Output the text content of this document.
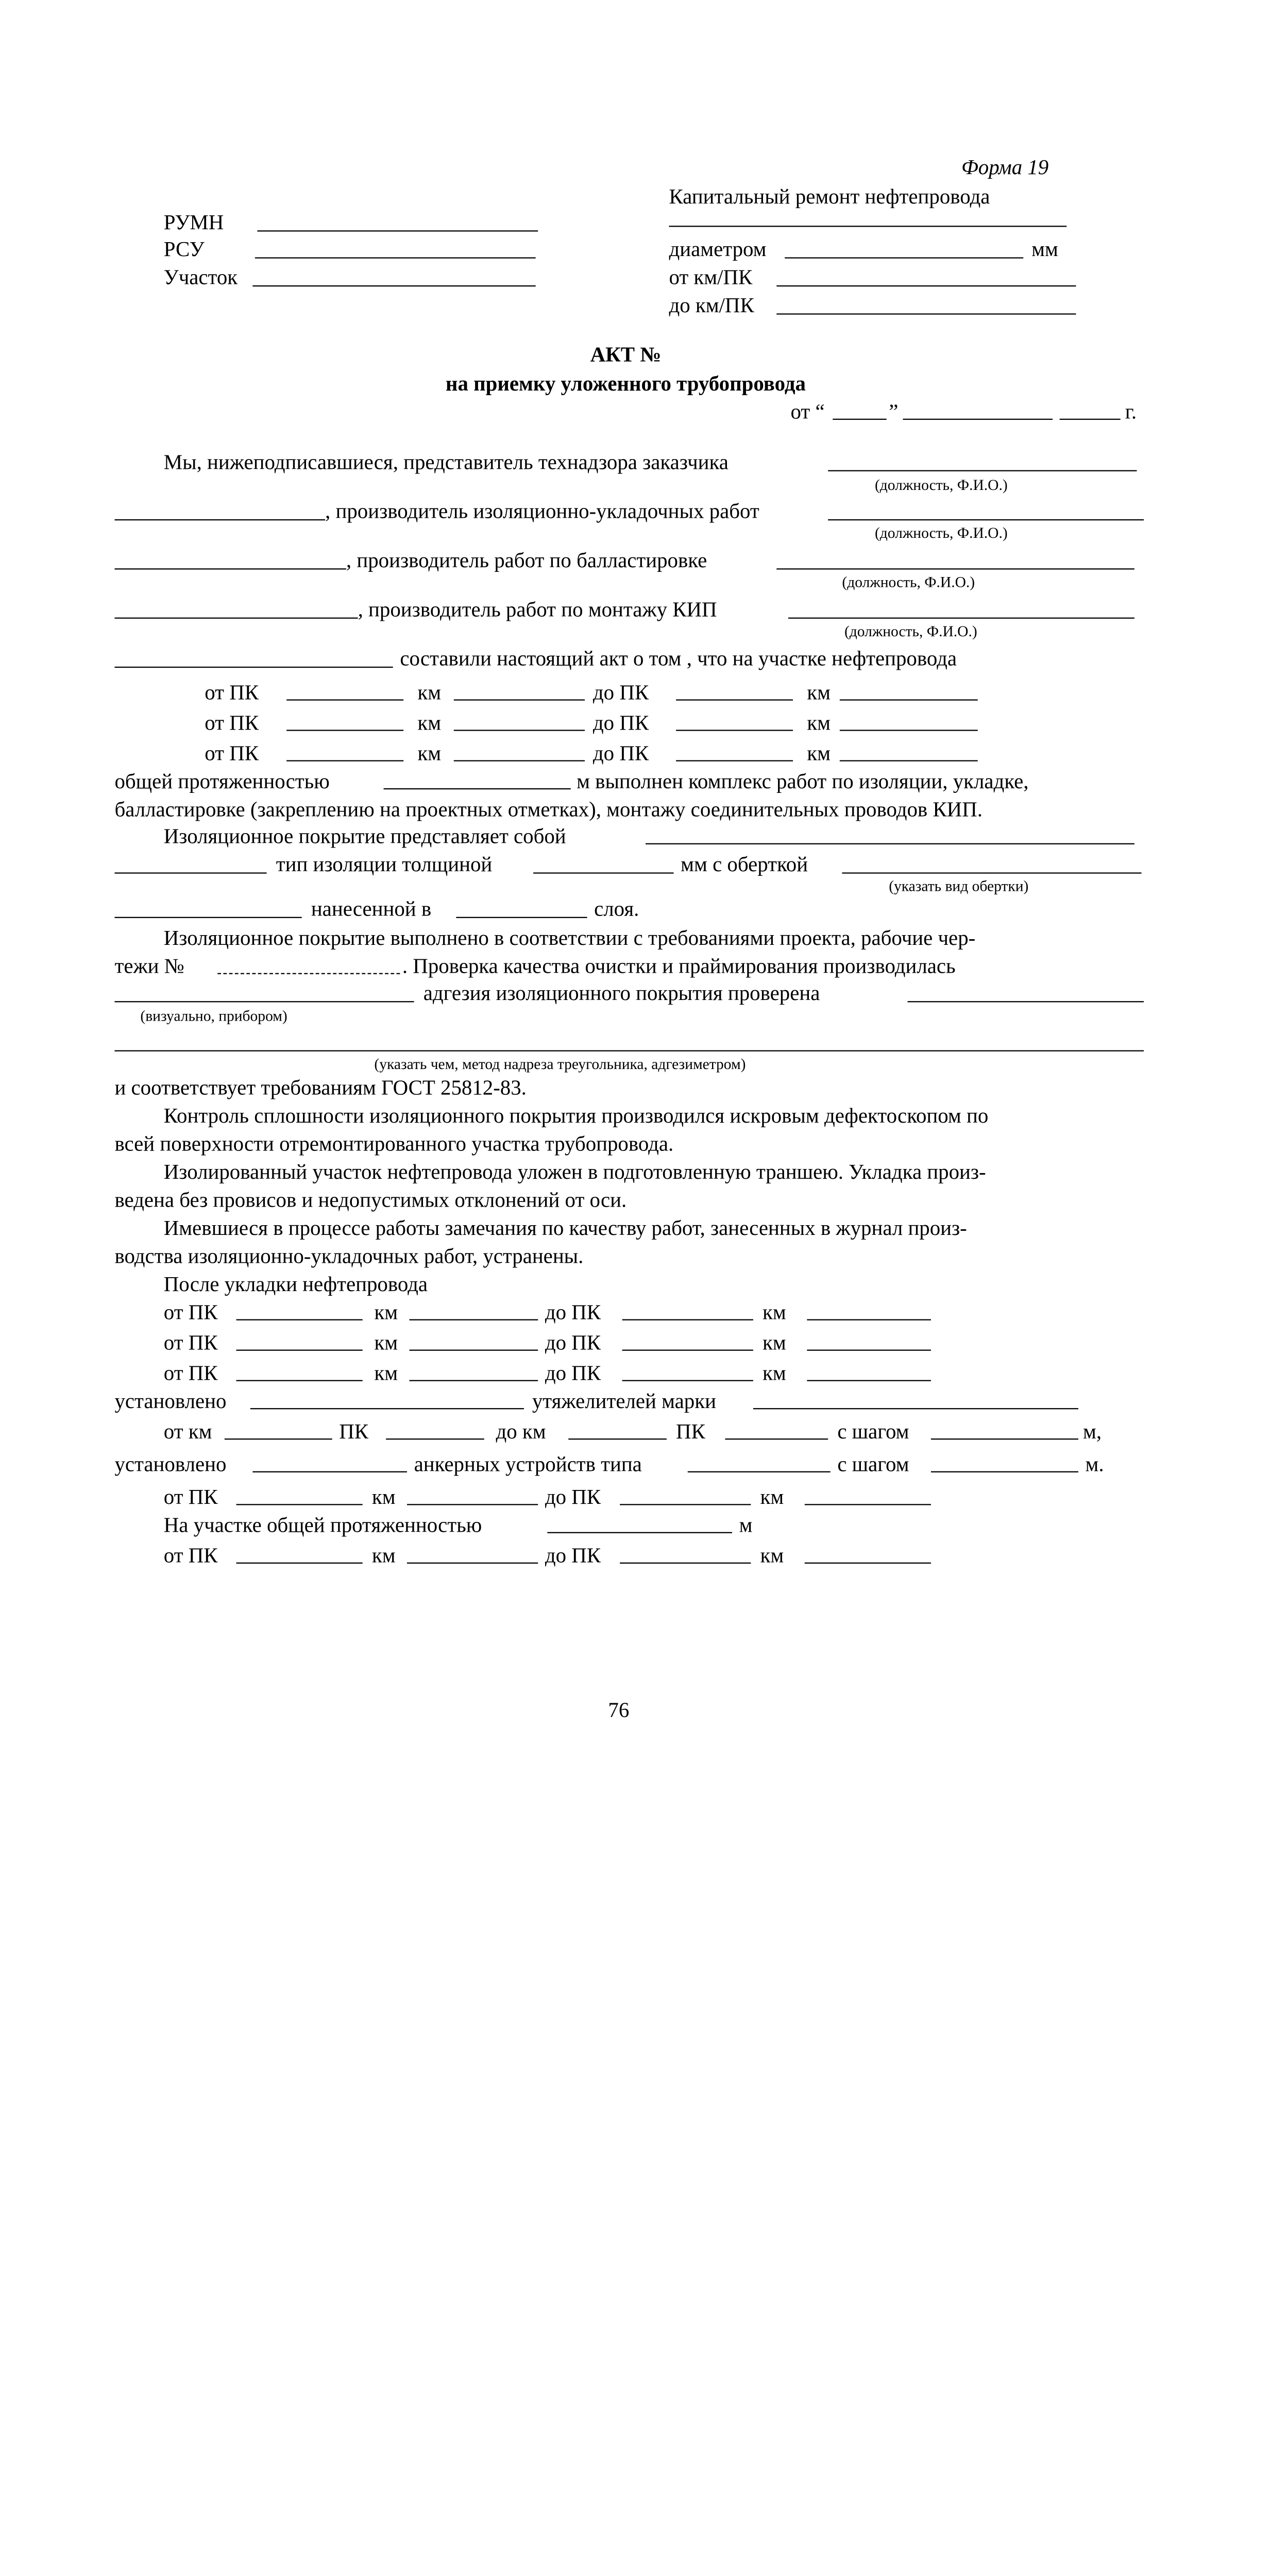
Форма 19
Капитальный ремонт нефтепровода
диаметром	мм
от км/ПК
до км/ПК
РУМН
РСУ
Участок
АКТ №
на приемку уложенного трубопровода
от “	”	г.
Мы, нижеподписавшиеся, представитель технадзора заказчика
(должность, Ф.И.О.)
, производитель изоляционно-укладочных работ
(должность, Ф.И.О.)
, производитель работ по балластировке
(должность, Ф.И.О.)
, производитель работ по монтажу КИП
(должность, Ф.И.О.)
составили настоящий акт о том , что на участке нефтепровода
от ПК	км	до ПК	км
от ПК	км	до ПК	км
от ПК	км	до ПК	км
общей протяженностью	м выполнен комплекс работ по изоляции, укладке,
балластировке (закреплению на проектных отметках), монтажу соединительных проводов КИП.
Изоляционное покрытие представляет собой
тип изоляции толщиной	мм с оберткой
(указать вид обертки)
нанесенной в	слоя.
Изоляционное покрытие выполнено в соответствии с требованиями проекта, рабочие чер-
тежи №	. Проверка качества очистки и праймирования производилась
адгезия изоляционного покрытия проверена
(визуально, прибором)
(указать чем, метод надреза треугольника, адгезиметром)
и соответствует требованиям ГОСТ 25812-83.
Контроль сплошности изоляционного покрытия производился искровым дефектоскопом по
всей поверхности отремонтированного участка трубопровода.
Изолированный участок нефтепровода уложен в подготовленную траншею. Укладка произ-
ведена без провисов и недопустимых отклонений от оси.
Имевшиеся в процессе работы замечания по качеству работ, занесенных в журнал произ-
водства изоляционно-укладочных работ, устранены.
После укладки нефтепровода
от ПК	км	до ПК	км
от ПК	км	до ПК	км
от ПК	км	до ПК	км
установлено	утяжелителей марки
от км	ПК	до км	ПК	с шагом	м,
установлено	анкерных устройств типа	с шагом	м.
от ПК	км	до ПК	км
На участке общей протяженностью	м
от ПК	км	до ПК	км
76
